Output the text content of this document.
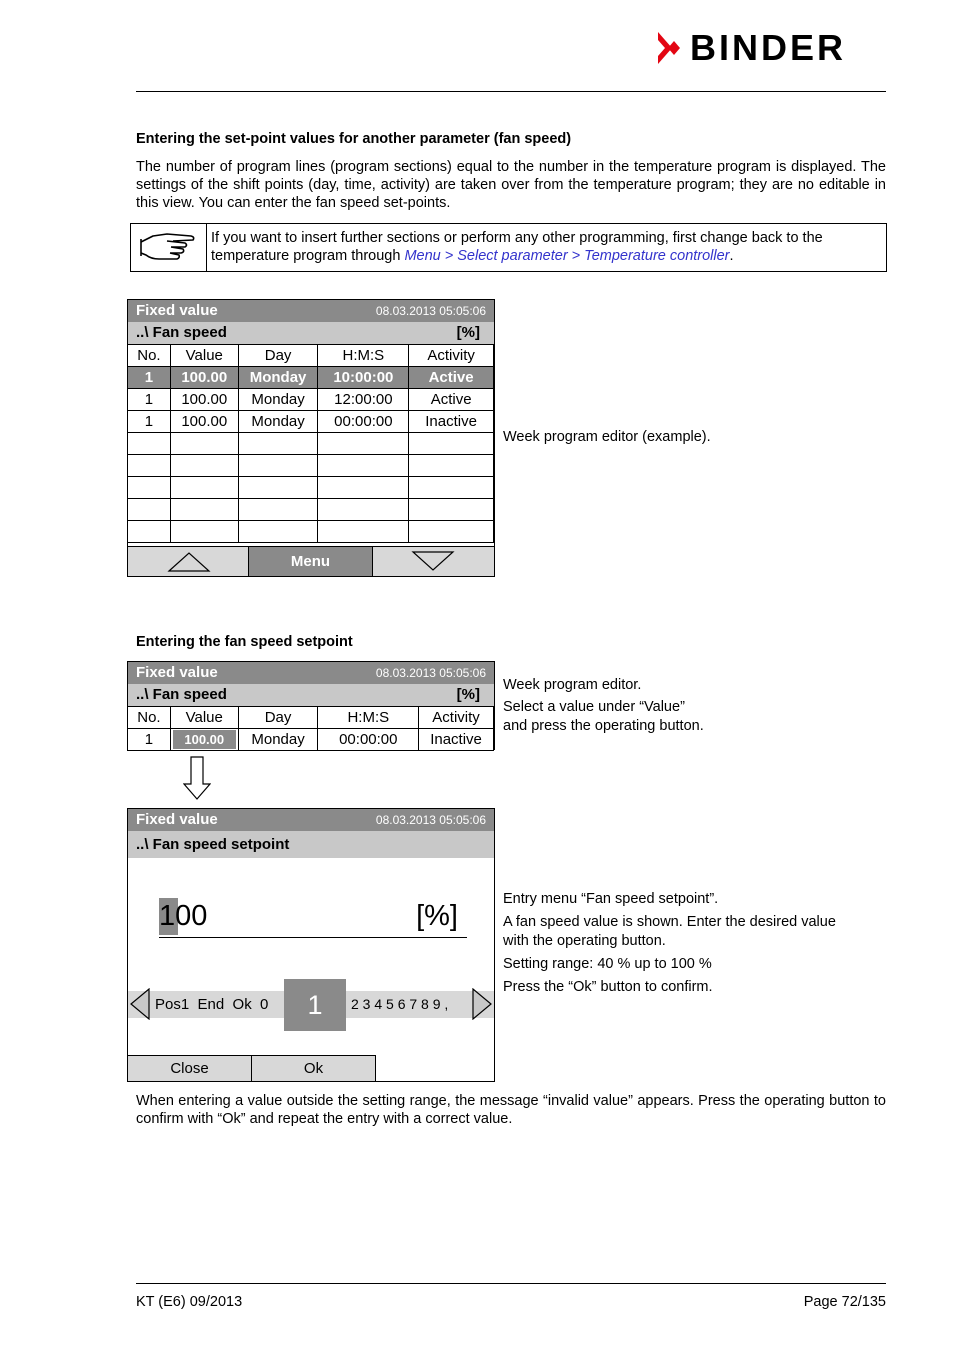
BINDER
Entering the set-point values for another parameter (fan speed)
The number of program lines (program sections) equal to the number in the temperature program is displayed. The settings of the shift points (day, time, activity) are taken over from the temperature program; they are no editable in this view. You can enter the fan speed set-points.
If you want to insert further sections or perform any other programming, first change back to the temperature program through Menu > Select parameter > Temperature controller.
Fixed value	08.03.2013 05:05:06
..\ Fan speed	[%]
No.	Value	Day	H:M:S	Activity
1	100.00	Monday	10:00:00	Active
1	100.00	Monday	12:00:00	Active
1	100.00	Monday	00:00:00	Inactive

Menu
Week program editor (example).
Entering the fan speed setpoint
Fixed value	08.03.2013 05:05:06
..\ Fan speed	[%]
No.	Value	Day	H:M:S	Activity
1	100.00	Monday	00:00:00	Inactive
Week program editor.
Select a value under “Value”
and press the operating button.
Fixed value	08.03.2013 05:05:06
..\ Fan speed setpoint
100	[%]
Pos1  End  Ok  0	1	2 3 4 5 6 7 8 9 ,
Close	Ok
Entry menu “Fan speed setpoint”.
A fan speed value is shown. Enter the desired value
with the operating button.
Setting range: 40 % up to 100 %
Press the “Ok” button to confirm.
When entering a value outside the setting range, the message “invalid value” appears. Press the operating button to confirm with “Ok” and repeat the entry with a correct value.
KT (E6) 09/2013	Page 72/135
